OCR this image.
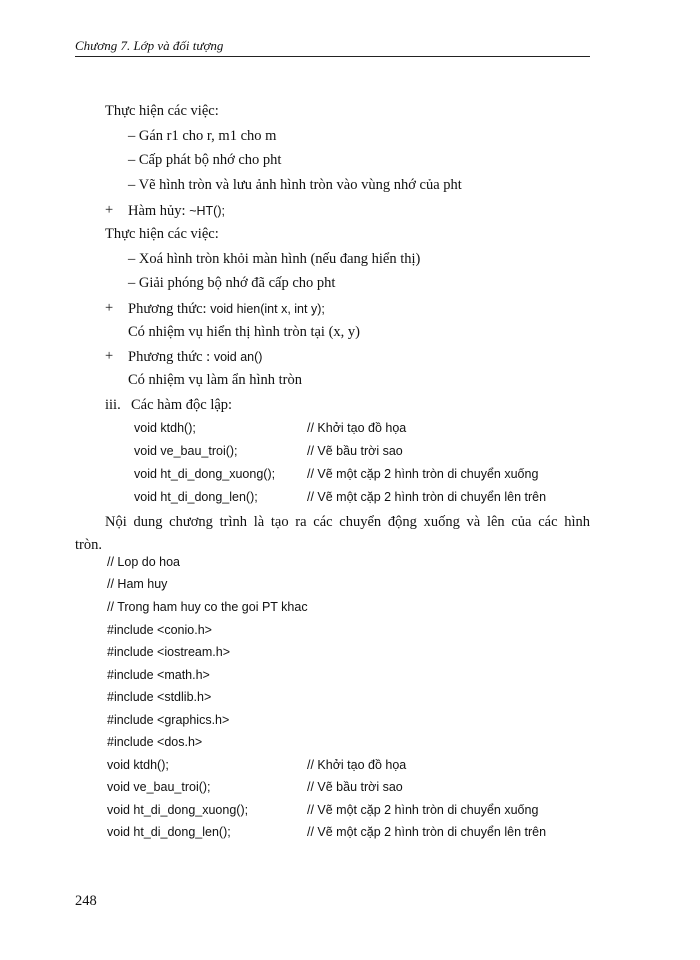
Chương 7. Lớp và đối tượng
Thực hiện các việc:
– Gán r1 cho r, m1 cho m
– Cấp phát bộ nhớ cho pht
– Vẽ hình tròn và lưu ảnh hình tròn vào vùng nhớ của pht
+ Hàm hủy: ~HT();
Thực hiện các việc:
– Xoá hình tròn khỏi màn hình (nếu đang hiển thị)
– Giải phóng bộ nhớ đã cấp cho pht
+ Phương thức: void hien(int x, int y);
Có nhiệm vụ hiển thị hình tròn tại (x, y)
+ Phương thức : void an()
Có nhiệm vụ làm ẩn hình tròn
iii. Các hàm độc lập:
void ktdh();	// Khởi tạo đồ họa
void ve_bau_troi();	// Vẽ bầu trời sao
void ht_di_dong_xuong();	// Vẽ một cặp 2 hình tròn di chuyển xuống
void ht_di_dong_len();	// Vẽ một cặp 2 hình tròn di chuyển lên trên
Nội dung chương trình là tạo ra các chuyển động xuống và lên của các hình
tròn.
// Lop do hoa
// Ham huy
// Trong ham huy co the goi PT khac
#include <conio.h>
#include <iostream.h>
#include <math.h>
#include <stdlib.h>
#include <graphics.h>
#include <dos.h>
void ktdh();	// Khởi tạo đồ họa
void ve_bau_troi();	// Vẽ bầu trời sao
void ht_di_dong_xuong();	// Vẽ một cặp 2 hình tròn di chuyển xuống
void ht_di_dong_len();	// Vẽ một cặp 2 hình tròn di chuyển lên trên
248
